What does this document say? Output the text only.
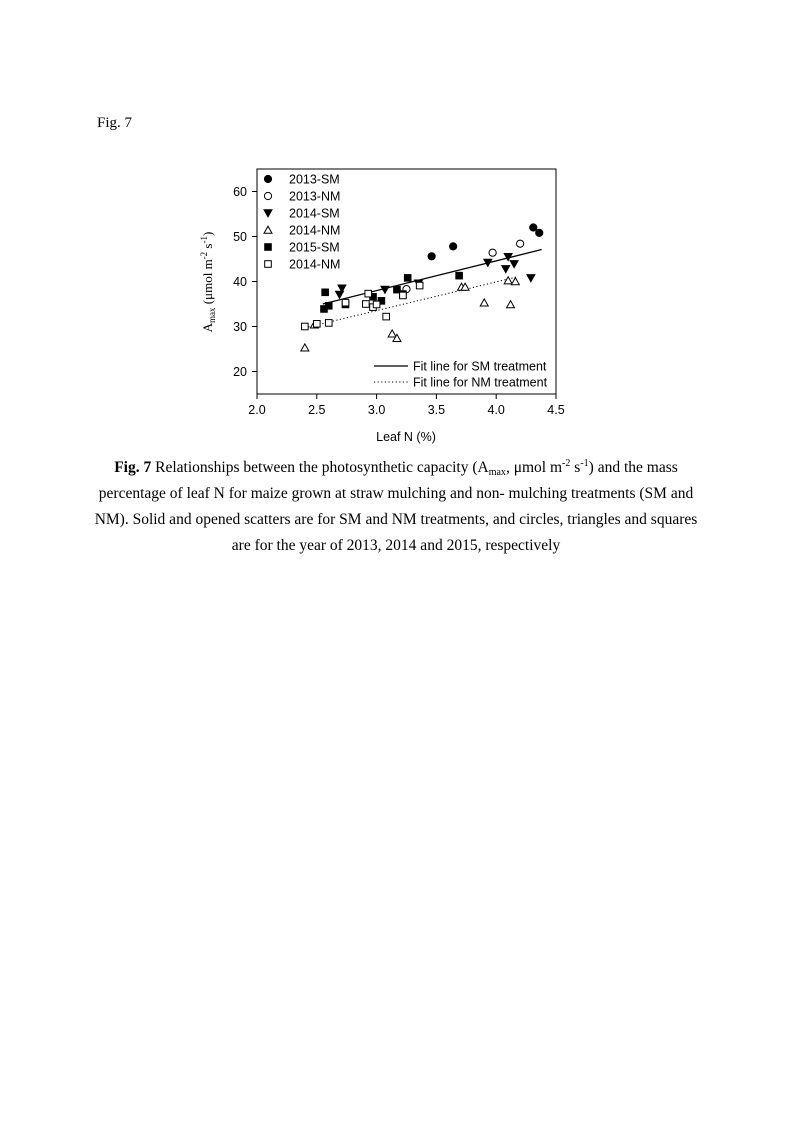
Fig. 7
2.0	2.5	3.0	3.5	4.0	4.5
20
30
40
50
60
2013-SM
2013-NM
2014-SM
2014-NM
2015-SM
2014-NM
Fit line for SM treatment
Fit line for NM treatment
Leaf N (%)
$A_{max}$ (μmol $m^{-2}$ $s^{-1}$)
Fig. 7 Relationships between the photosynthetic capacity ($A_{max}$, μmol $m^{-2}$ $s^{-1}$) and the mass percentage of leaf N for maize grown at straw mulching and non- mulching treatments (SM and NM). Solid and opened scatters are for SM and NM treatments, and circles, triangles and squares are for the year of 2013, 2014 and 2015, respectively
